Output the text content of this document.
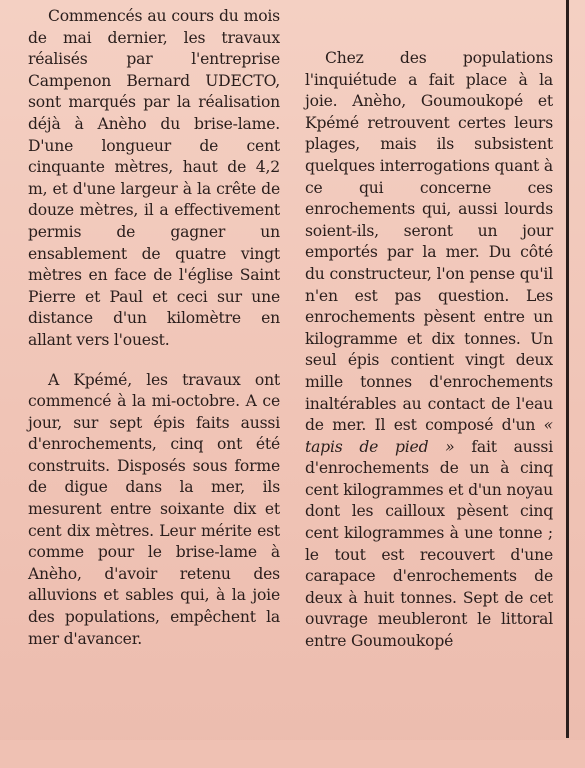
Commencés au cours du mois de mai dernier, les travaux réalisés par l'entreprise Campenon Bernard UDECTO, sont marqués par la réalisation déjà à Anèho du brise-lame. D'une longueur de cent cinquante mètres, haut de 4,2 m, et d'une largeur à la crête de douze mètres, il a effectivement permis de gagner un ensablement de quatre vingt mètres en face de l'église Saint Pierre et Paul et ceci sur une distance d'un kilomètre en allant vers l'ouest.

A Kpémé, les travaux ont commencé à la mi-octobre. A ce jour, sur sept épis faits aussi d'enrochements, cinq ont été construits. Disposés sous forme de digue dans la mer, ils mesurent entre soixante dix et cent dix mètres. Leur mérite est comme pour le brise-lame à Anèho, d'avoir retenu des alluvions et sables qui, à la joie des populations, empêchent la mer d'avancer.

Chez des populations l'inquiétude a fait place à la joie. Anèho, Goumoukopé et Kpémé retrouvent certes leurs plages, mais ils subsistent quelques interrogations quant à ce qui concerne ces enrochements qui, aussi lourds soient-ils, seront un jour emportés par la mer. Du côté du constructeur, l'on pense qu'il n'en est pas question. Les enrochements pèsent entre un kilogramme et dix tonnes. Un seul épis contient vingt deux mille tonnes d'enrochements inaltérables au contact de l'eau de mer. Il est composé d'un « tapis de pied » fait aussi d'enrochements de un à cinq cent kilogrammes et d'un noyau dont les cailloux pèsent cinq cent kilogrammes à une tonne ; le tout est recouvert d'une carapace d'enrochements de deux à huit tonnes. Sept de cet ouvrage meubleront le littoral entre Goumoukopé
